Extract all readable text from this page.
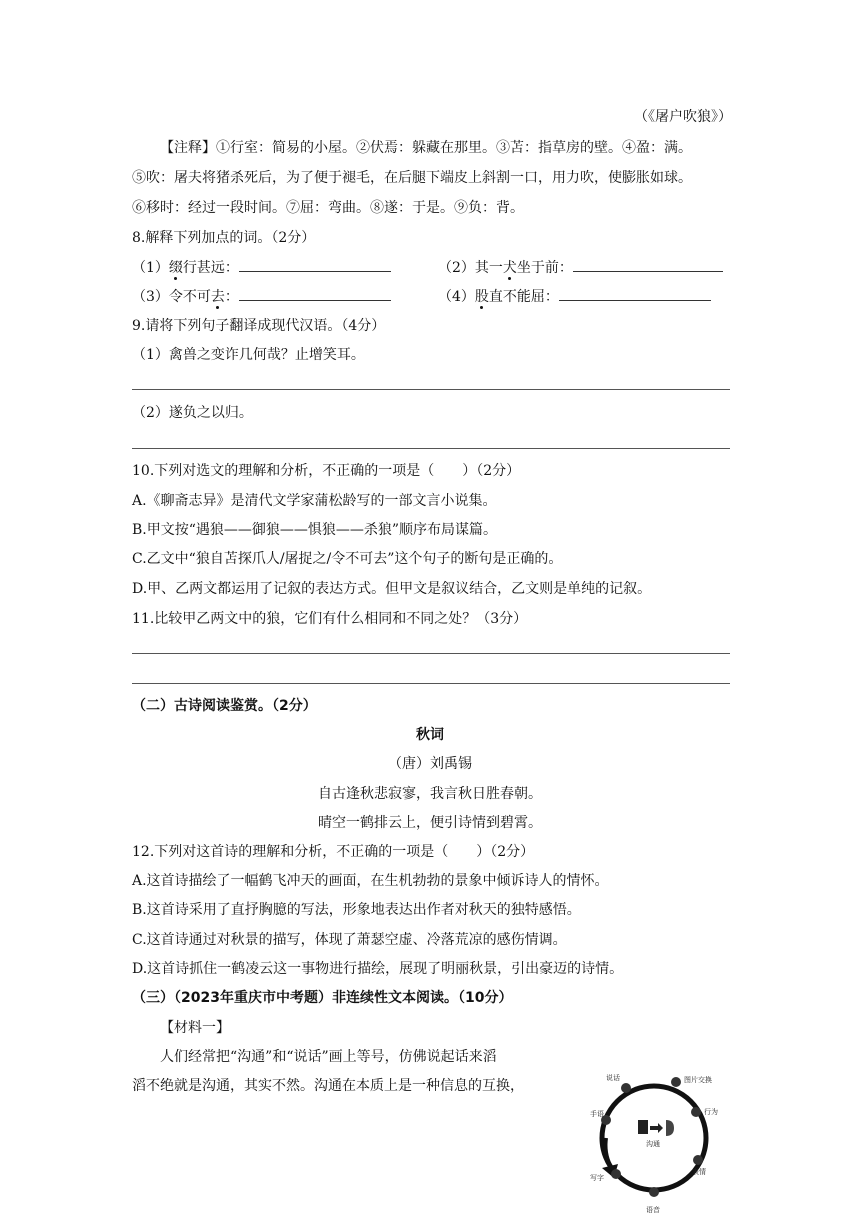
（《屠户吹狼》）
【注释】①行室：简易的小屋。②伏焉：躲藏在那里。③苫：指草房的壁。④盈：满。
⑤吹：屠夫将猪杀死后，为了便于褪毛，在后腿下端皮上斜割一口，用力吹，使膨胀如球。
⑥移时：经过一段时间。⑦屈：弯曲。⑧遂：于是。⑨负：背。
8.解释下列加点的词。（2分）
（1）缀行甚远：	（2）其一犬坐于前：
（3）令不可去：	（4）股直不能屈：
9.请将下列句子翻译成现代汉语。（4分）
（1）禽兽之变诈几何哉？止增笑耳。
（2）遂负之以归。
10.下列对选文的理解和分析，不正确的一项是（　　）（2分）
A.《聊斋志异》是清代文学家蒲松龄写的一部文言小说集。
B.甲文按“遇狼——御狼——惧狼——杀狼”顺序布局谋篇。
C.乙文中“狼自苫探爪人/屠捉之/令不可去”这个句子的断句是正确的。
D.甲、乙两文都运用了记叙的表达方式。但甲文是叙议结合，乙文则是单纯的记叙。
11.比较甲乙两文中的狼，它们有什么相同和不同之处？（3分）
（二）古诗阅读鉴赏。（2分）
秋词
（唐）刘禹锡
自古逢秋悲寂寥，我言秋日胜春朝。
晴空一鹤排云上，便引诗情到碧霄。
12.下列对这首诗的理解和分析，不正确的一项是（　　）（2分）
A.这首诗描绘了一幅鹤飞冲天的画面，在生机勃勃的景象中倾诉诗人的情怀。
B.这首诗采用了直抒胸臆的写法，形象地表达出作者对秋天的独特感悟。
C.这首诗通过对秋景的描写，体现了萧瑟空虚、冷落荒凉的感伤情调。
D.这首诗抓住一鹤凌云这一事物进行描绘，展现了明丽秋景，引出豪迈的诗情。
（三）（2023年重庆市中考题）非连续性文本阅读。（10分）
【材料一】
人们经常把“沟通”和“说话”画上等号，仿佛说起话来滔
滔不绝就是沟通，其实不然。沟通在本质上是一种信息的互换，
沟通
说话	图片交换
行为
表情
语音
写字
手语
